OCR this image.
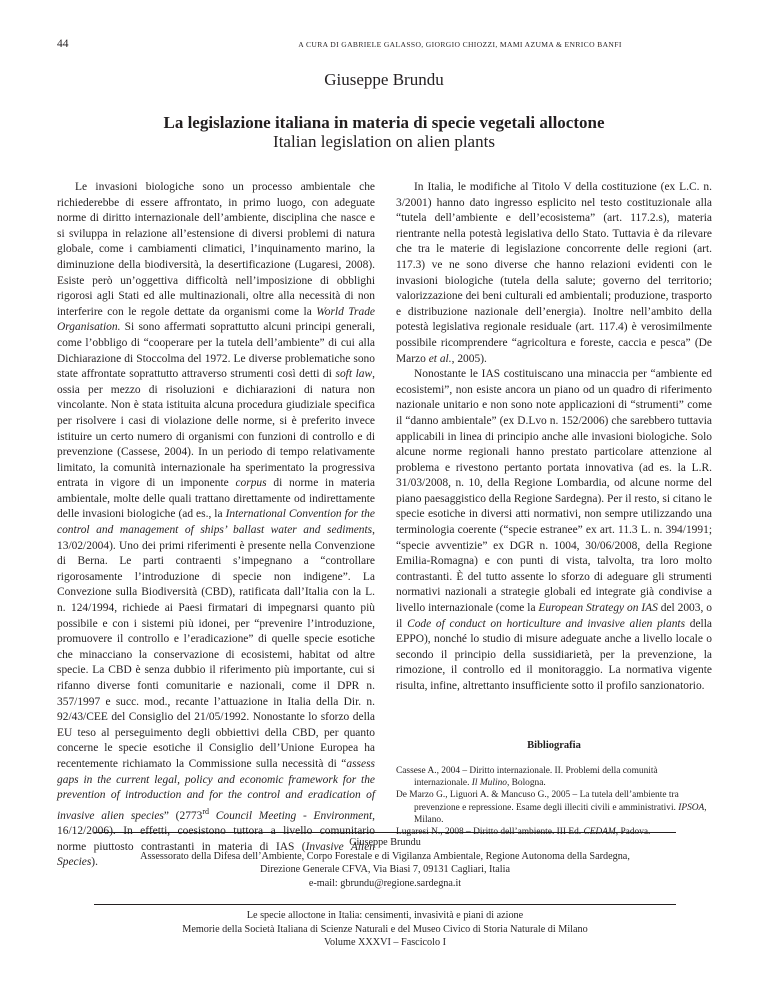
44	A CURA DI GABRIELE GALASSO, GIORGIO CHIOZZI, MAMI AZUMA & ENRICO BANFI
Giuseppe Brundu
La legislazione italiana in materia di specie vegetali alloctone
Italian legislation on alien plants

Le invasioni biologiche sono un processo ambientale che richiederebbe di essere affrontato, in primo luogo, con adeguate norme di diritto internazionale dell’ambiente, disciplina che nasce e si sviluppa in relazione all’estensione di diversi problemi di natura globale, come i cambiamenti climatici, l’inquinamento marino, la diminuzione della biodiversità, la desertificazione (Lugaresi, 2008). Esiste però un’oggettiva difficoltà nell’imposizione di obblighi rigorosi agli Stati ed alle multinazionali, oltre alla necessità di non interferire con le regole dettate da organismi come la World Trade Organisation. Si sono affermati soprattutto alcuni principi generali, come l’obbligo di “cooperare per la tutela dell’ambiente” di cui alla Dichiarazione di Stoccolma del 1972. Le diverse problematiche sono state affrontate soprattutto attraverso strumenti così detti di soft law, ossia per mezzo di risoluzioni e dichiarazioni di natura non vincolante. Non è stata istituita alcuna procedura giudiziale specifica per risolvere i casi di violazione delle norme, si è preferito invece istituire un certo numero di organismi con funzioni di controllo e di prevenzione (Cassese, 2004). In un periodo di tempo relativamente limitato, la comunità internazionale ha sperimentato la progressiva entrata in vigore di un imponente corpus di norme in materia ambientale, molte delle quali trattano direttamente od indirettamente delle invasioni biologiche (ad es., la International Convention for the control and management of ships’ ballast water and sediments, 13/02/2004). Uno dei primi riferimenti è presente nella Convenzione di Berna. Le parti contraenti s’impegnano a “controllare rigorosamente l’introduzione di specie non indigene”. La Convezione sulla Biodiversità (CBD), ratificata dall’Italia con la L. n. 124/1994, richiede ai Paesi firmatari di impegnarsi quanto più possibile e con i sistemi più idonei, per “prevenire l’introduzione, promuovere il controllo e l’eradicazione” di quelle specie esotiche che minacciano la conservazione di ecosistemi, habitat od altre specie. La CBD è senza dubbio il riferimento più importante, cui si rifanno diverse fonti comunitarie e nazionali, come il DPR n. 357/1997 e succ. mod., recante l’attuazione in Italia della Dir. n. 92/43/CEE del Consiglio del 21/05/1992. Nonostante lo sforzo della EU teso al perseguimento degli obbiettivi della CBD, per quanto concerne le specie esotiche il Consiglio dell’Unione Europea ha recentemente richiamato la Commissione sulla necessità di “assess gaps in the current legal, policy and economic framework for the prevention of introduction and for the control and eradication of invasive alien species” (2773rd Council Meeting - Environment, 16/12/2006). In effetti, coesistono tuttora a livello comunitario norme piuttosto contrastanti in materia di IAS (Invasive Alien Species).

In Italia, le modifiche al Titolo V della costituzione (ex L.C. n. 3/2001) hanno dato ingresso esplicito nel testo costituzionale alla “tutela dell’ambiente e dell’ecosistema” (art. 117.2.s), materia rientrante nella potestà legislativa dello Stato. Tuttavia è da rilevare che tra le materie di legislazione concorrente delle regioni (art. 117.3) ve ne sono diverse che hanno relazioni evidenti con le invasioni biologiche (tutela della salute; governo del territorio; valorizzazione dei beni culturali ed ambientali; produzione, trasporto e distribuzione nazionale dell’energia). Inoltre nell’ambito della potestà legislativa regionale residuale (art. 117.4) è verosimilmente possibile ricomprendere “agricoltura e foreste, caccia e pesca” (De Marzo et al., 2005).

Nonostante le IAS costituiscano una minaccia per “ambiente ed ecosistemi”, non esiste ancora un piano od un quadro di riferimento nazionale unitario e non sono note applicazioni di “strumenti” come il “danno ambientale” (ex D.Lvo n. 152/2006) che sarebbero tuttavia applicabili in linea di principio anche alle invasioni biologiche. Solo alcune norme regionali hanno prestato particolare attenzione al problema e rivestono pertanto portata innovativa (ad es. la L.R. 31/03/2008, n. 10, della Regione Lombardia, od alcune norme del piano paesaggistico della Regione Sardegna). Per il resto, si citano le specie esotiche in diversi atti normativi, non sempre utilizzando una terminologia coerente (“specie estranee” ex art. 11.3 L. n. 394/1991; “specie avventizie” ex DGR n. 1004, 30/06/2008, della Regione Emilia-Romagna) e con punti di vista, talvolta, tra loro molto contrastanti. È del tutto assente lo sforzo di adeguare gli strumenti normativi nazionali a strategie globali ed integrate già condivise a livello internazionale (come la European Strategy on IAS del 2003, o il Code of conduct on horticulture and invasive alien plants della EPPO), nonché lo studio di misure adeguate anche a livello locale o secondo il principio della sussidiarietà, per la prevenzione, la rimozione, il controllo ed il monitoraggio. La normativa vigente risulta, infine, altrettanto insufficiente sotto il profilo sanzionatorio.

Bibliografia
Cassese A., 2004 – Diritto internazionale. II. Problemi della comunità internazionale. Il Mulino, Bologna.
De Marzo G., Liguori A. & Mancuso G., 2005 – La tutela dell’ambiente tra prevenzione e repressione. Esame degli illeciti civili e amministrativi. IPSOA, Milano.
Lugaresi N., 2008 – Diritto dell’ambiente. III Ed. CEDAM, Padova.
Giuseppe Brundu
Assessorato della Difesa dell’Ambiente, Corpo Forestale e di Vigilanza Ambientale, Regione Autonoma della Sardegna,
Direzione Generale CFVA, Via Biasi 7, 09131 Cagliari, Italia
e-mail: gbrundu@regione.sardegna.it
Le specie alloctone in Italia: censimenti, invasività e piani di azione
Memorie della Società Italiana di Scienze Naturali e del Museo Civico di Storia Naturale di Milano
Volume XXXVI – Fascicolo I
